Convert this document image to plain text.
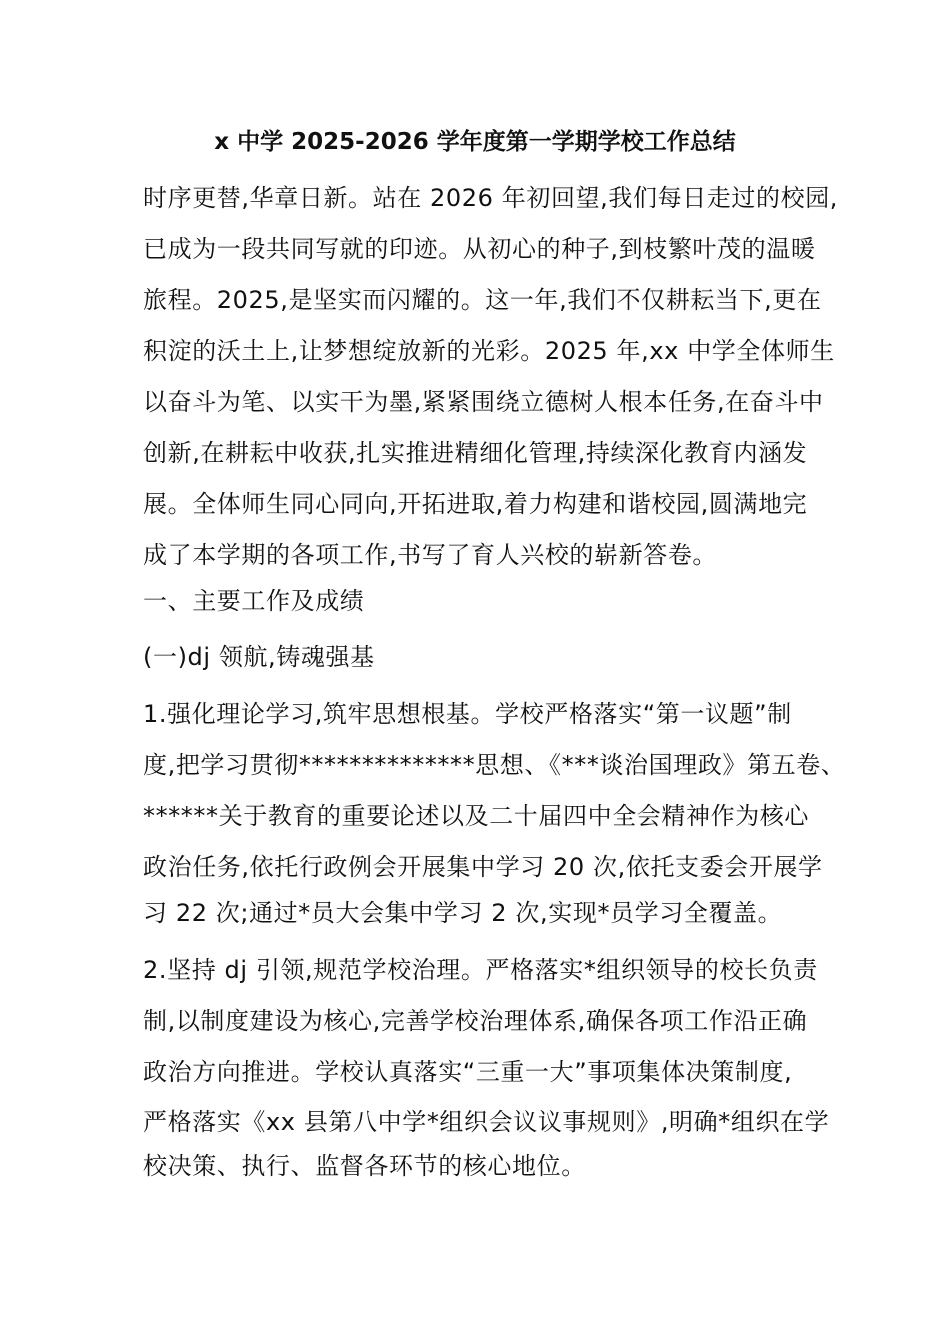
x 中学 2025-2026 学年度第一学期学校工作总结
时序更替,华章日新。站在 2026 年初回望,我们每日走过的校园,
已成为一段共同写就的印迹。从初心的种子,到枝繁叶茂的温暖
旅程。2025,是坚实而闪耀的。这一年,我们不仅耕耘当下,更在
积淀的沃土上,让梦想绽放新的光彩。2025 年,xx 中学全体师生
以奋斗为笔、以实干为墨,紧紧围绕立德树人根本任务,在奋斗中
创新,在耕耘中收获,扎实推进精细化管理,持续深化教育内涵发
展。全体师生同心同向,开拓进取,着力构建和谐校园,圆满地完
成了本学期的各项工作,书写了育人兴校的崭新答卷。
一、主要工作及成绩
(一)dj 领航,铸魂强基
1.强化理论学习,筑牢思想根基。学校严格落实“第一议题”制
度,把学习贯彻**************思想、《***谈治国理政》第五卷、
******关于教育的重要论述以及二十届四中全会精神作为核心
政治任务,依托行政例会开展集中学习 20 次,依托支委会开展学
习 22 次;通过*员大会集中学习 2 次,实现*员学习全覆盖。
2.坚持 dj 引领,规范学校治理。严格落实*组织领导的校长负责
制,以制度建设为核心,完善学校治理体系,确保各项工作沿正确
政治方向推进。学校认真落实“三重一大”事项集体决策制度,
严格落实《xx 县第八中学*组织会议议事规则》,明确*组织在学
校决策、执行、监督各环节的核心地位。
